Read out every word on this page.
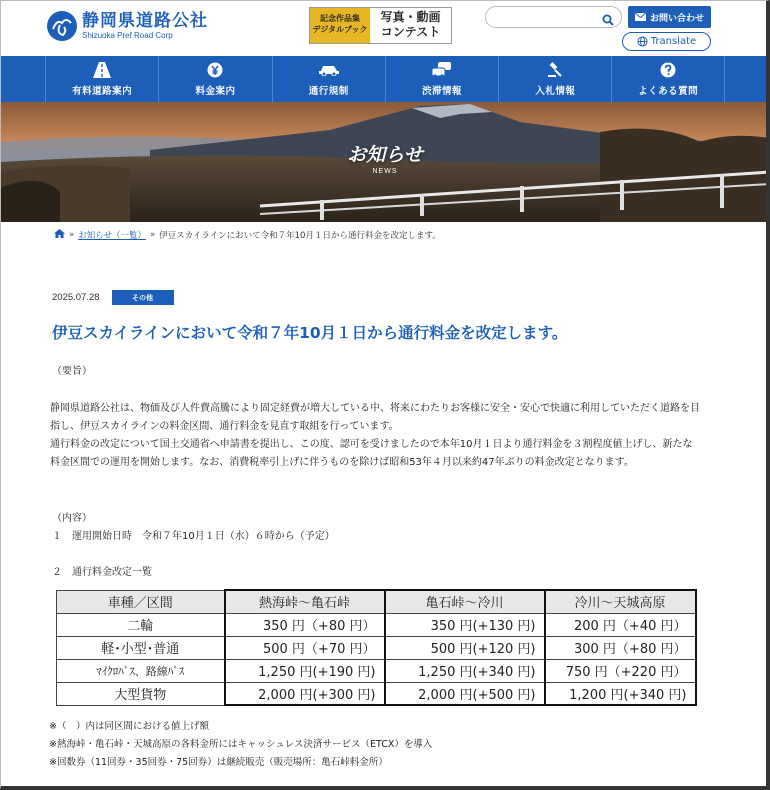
静岡県道路公社
Shizuoka Pref Road Corp
記念作品集
デジタルブック
写真・動画
コンテスト
お問い合わせ
Translate
有料道路案内	料金案内	通行規制	渋滞情報	入札情報	よくある質問
お知らせ
NEWS
» お知らせ（一覧） » 伊豆スカイラインにおいて令和７年10月１日から通行料金を改定します。
2025.07.28	その他
伊豆スカイラインにおいて令和７年10月１日から通行料金を改定します。
（要旨）
静岡県道路公社は、物価及び人件費高騰により固定経費が増大している中、将来にわたりお客様に安全・安心で快適に利用していただく道路を目指し、伊豆スカイラインの料金区間、通行料金を見直す取組を行っています。
通行料金の改定について国土交通省へ申請書を提出し、この度、認可を受けましたので本年10月１日より通行料金を３割程度値上げし、新たな料金区間での運用を開始します。なお、消費税率引上げに伴うものを除けば昭和53年４月以来約47年ぶりの料金改定となります。
（内容）
１　運用開始日時　令和７年10月１日（水）６時から（予定）
２　通行料金改定一覧
車種／区間	熱海峠～亀石峠	亀石峠～冷川	冷川～天城高原
二輪	350 円（+80 円）	350 円(+130 円)	200 円（+40 円）
軽･小型･普通	500 円（+70 円）	500 円(+120 円)	300 円（+80 円）
ﾏｲｸﾛﾊﾞｽ、路線ﾊﾞｽ	1,250 円(+190 円)	1,250 円(+340 円)	750 円（+220 円）
大型貨物	2,000 円(+300 円)	2,000 円(+500 円)	1,200 円(+340 円)
※（　）内は同区間における値上げ額
※熱海峠・亀石峠・天城高原の各料金所にはキャッシュレス決済サービス（ETCX）を導入
※回数券（11回券・35回券・75回券）は継続販売（販売場所：亀石峠料金所）
